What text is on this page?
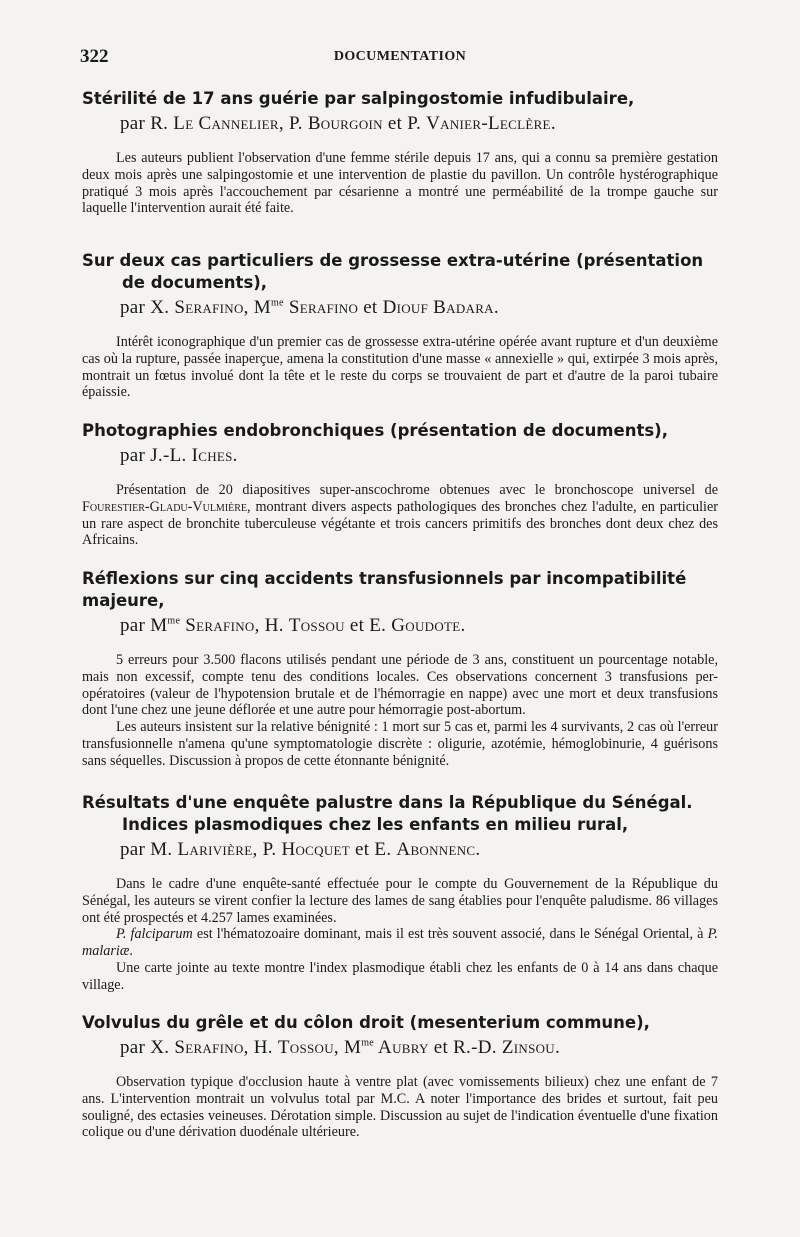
322	DOCUMENTATION
Stérilité de 17 ans guérie par salpingostomie infudibulaire,
par R. Le Cannelier, P. Bourgoin et P. Vanier-Leclère.

Les auteurs publient l'observation d'une femme stérile depuis 17 ans, qui a connu sa première gestation deux mois après une salpingostomie et une intervention de plastie du pavillon. Un contrôle hystérographique pratiqué 3 mois après l'accouchement par césarienne a montré une perméabilité de la trompe gauche sur laquelle l'intervention aurait été faite.

Sur deux cas particuliers de grossesse extra-utérine (présentation de documents),
par X. Serafino, $M^{me}$ Serafino et Diouf Badara.

Intérêt iconographique d'un premier cas de grossesse extra-utérine opérée avant rupture et d'un deuxième cas où la rupture, passée inaperçue, amena la constitution d'une masse « annexielle » qui, extirpée 3 mois après, montrait un fœtus involué dont la tête et le reste du corps se trouvaient de part et d'autre de la paroi tubaire épaissie.

Photographies endobronchiques (présentation de documents),
par J.-L. Iches.

Présentation de 20 diapositives super-anscochrome obtenues avec le bronchoscope universel de Fourestier-Gladu-Vulmière, montrant divers aspects pathologiques des bronches chez l'adulte, en particulier un rare aspect de bronchite tuberculeuse végétante et trois cancers primitifs des bronches dont deux chez des Africains.

Réflexions sur cinq accidents transfusionnels par incompatibilité majeure,
par $M^{me}$ Serafino, H. Tossou et E. Goudote.

5 erreurs pour 3.500 flacons utilisés pendant une période de 3 ans, constituent un pourcentage notable, mais non excessif, compte tenu des conditions locales. Ces observations concernent 3 transfusions per-opératoires (valeur de l'hypotension brutale et de l'hémorragie en nappe) avec une mort et deux transfusions dont l'une chez une jeune déflorée et une autre pour hémorragie post-abortum.

Les auteurs insistent sur la relative bénignité : 1 mort sur 5 cas et, parmi les 4 survivants, 2 cas où l'erreur transfusionnelle n'amena qu'une symptomatologie discrète : oligurie, azotémie, hémoglobinurie, 4 guérisons sans séquelles. Discussion à propos de cette étonnante bénignité.

Résultats d'une enquête palustre dans la République du Sénégal. Indices plasmodiques chez les enfants en milieu rural,
par M. Larivière, P. Hocquet et E. Abonnenc.

Dans le cadre d'une enquête-santé effectuée pour le compte du Gouvernement de la République du Sénégal, les auteurs se virent confier la lecture des lames de sang établies pour l'enquête paludisme. 86 villages ont été prospectés et 4.257 lames examinées.

P. falciparum est l'hématozoaire dominant, mais il est très souvent associé, dans le Sénégal Oriental, à P. malariæ.

Une carte jointe au texte montre l'index plasmodique établi chez les enfants de 0 à 14 ans dans chaque village.

Volvulus du grêle et du côlon droit (mesenterium commune),
par X. Serafino, H. Tossou, $M^{me}$ Aubry et R.-D. Zinsou.

Observation typique d'occlusion haute à ventre plat (avec vomissements bilieux) chez une enfant de 7 ans. L'intervention montrait un volvulus total par M.C. A noter l'importance des brides et surtout, fait peu souligné, des ectasies veineuses. Dérotation simple. Discussion au sujet de l'indication éventuelle d'une fixation colique ou d'une dérivation duodénale ultérieure.
